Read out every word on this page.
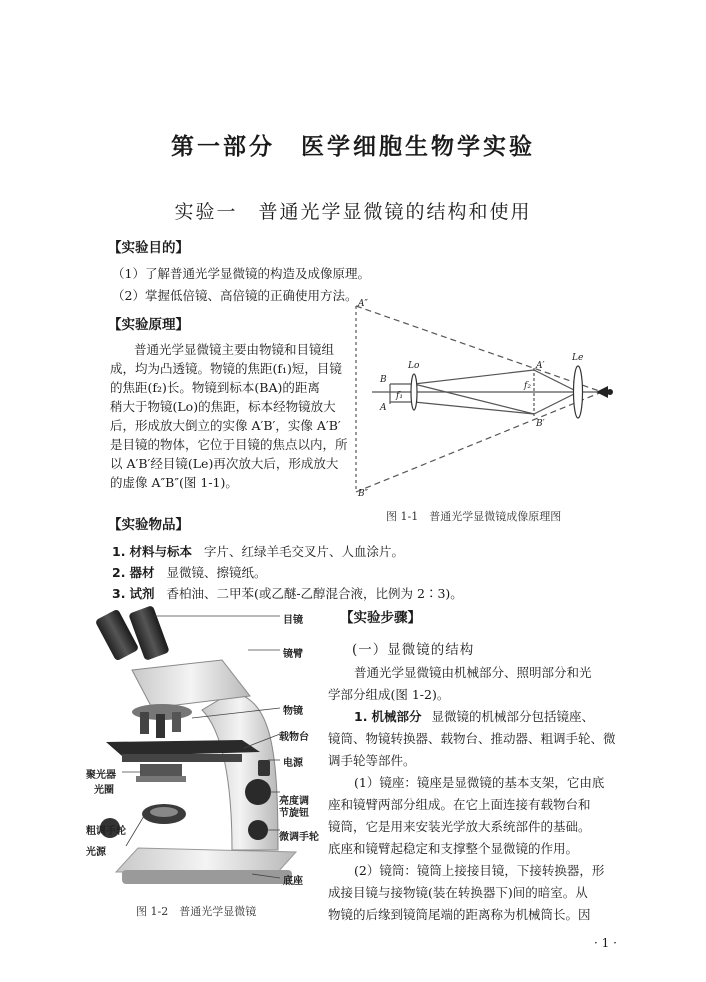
第一部分　医学细胞生物学实验
实验一　普通光学显微镜的结构和使用
【实验目的】
（1）了解普通光学显微镜的构造及成像原理。
（2）掌握低倍镜、高倍镜的正确使用方法。
【实验原理】
普通光学显微镜主要由物镜和目镜组
成，均为凸透镜。物镜的焦距(f₁)短，目镜
的焦距(f₂)长。物镜到标本(BA)的距离
稍大于物镜(Lo)的焦距，标本经物镜放大
后，形成放大倒立的实像 A′B′，实像 A′B′
是目镜的物体，它位于目镜的焦点以内，所
以 A′B′经目镜(Le)再次放大后，形成放大
的虚像 A″B″(图 1-1)。
A″
B″
A′
B′
B
A
Lo
Le
f₁
f₂
图 1-1　普通光学显微镜成像原理图
【实验物品】
1. 材料与标本 字片、红绿羊毛交叉片、人血涂片。
2. 器材 显微镜、擦镜纸。
3. 试剂 香柏油、二甲苯(或乙醚-乙醇混合液，比例为 2∶3)。
目镜
镜臂
物镜
载物台
电源
聚光器
光圈
亮度调
节旋钮
粗调手轮
微调手轮
光源
底座
图 1-2　普通光学显微镜
【实验步骤】
(一）显微镜的结构
普通光学显微镜由机械部分、照明部分和光
学部分组成(图 1-2)。
1. 机械部分 显微镜的机械部分包括镜座、
镜筒、物镜转换器、载物台、推动器、粗调手轮、微
调手轮等部件。
(1）镜座：镜座是显微镜的基本支架，它由底
座和镜臂两部分组成。在它上面连接有载物台和
镜筒，它是用来安装光学放大系统部件的基础。
底座和镜臂起稳定和支撑整个显微镜的作用。
(2）镜筒：镜筒上接接目镜，下接转换器，形
成接目镜与接物镜(装在转换器下)间的暗室。从
物镜的后缘到镜筒尾端的距离称为机械筒长。因
· 1 ·
